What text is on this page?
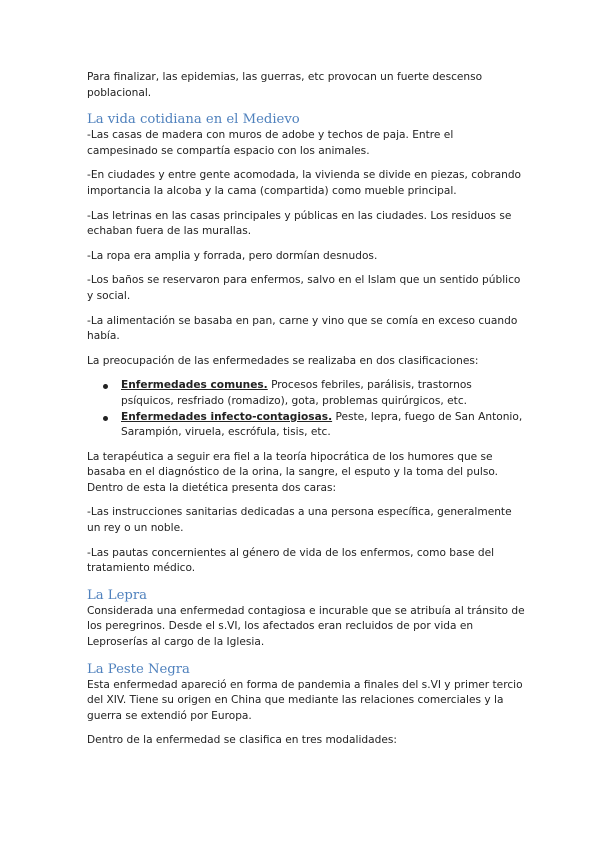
Para finalizar, las epidemias, las guerras, etc provocan un fuerte descenso poblacional.

La vida cotidiana en el Medievo

-Las casas de madera con muros de adobe y techos de paja. Entre el campesinado se compartía espacio con los animales.

-En ciudades y entre gente acomodada, la vivienda se divide en piezas, cobrando importancia la alcoba y la cama (compartida) como mueble principal.

-Las letrinas en las casas principales y públicas en las ciudades. Los residuos se echaban fuera de las murallas.

-La ropa era amplia y forrada, pero dormían desnudos.

-Los baños se reservaron para enfermos, salvo en el Islam que un sentido público y social.

-La alimentación se basaba en pan, carne y vino que se comía en exceso cuando había.

La preocupación de las enfermedades se realizaba en dos clasificaciones:

Enfermedades comunes. Procesos febriles, parálisis, trastornos psíquicos, resfriado (romadizo), gota, problemas quirúrgicos, etc.
Enfermedades infecto-contagiosas. Peste, lepra, fuego de San Antonio, Sarampión, viruela, escrófula, tisis, etc.

La terapéutica a seguir era fiel a la teoría hipocrática de los humores que se basaba en el diagnóstico de la orina, la sangre, el esputo y la toma del pulso. Dentro de esta la dietética presenta dos caras:

-Las instrucciones sanitarias dedicadas a una persona específica, generalmente un rey o un noble.

-Las pautas concernientes al género de vida de los enfermos, como base del tratamiento médico.

La Lepra

Considerada una enfermedad contagiosa e incurable que se atribuía al tránsito de los peregrinos. Desde el s.VI, los afectados eran recluidos de por vida en Leproserías al cargo de la Iglesia.

La Peste Negra

Esta enfermedad apareció en forma de pandemia a finales del s.VI y primer tercio del XIV. Tiene su origen en China que mediante las relaciones comerciales y la guerra se extendió por Europa.

Dentro de la enfermedad se clasifica en tres modalidades:
